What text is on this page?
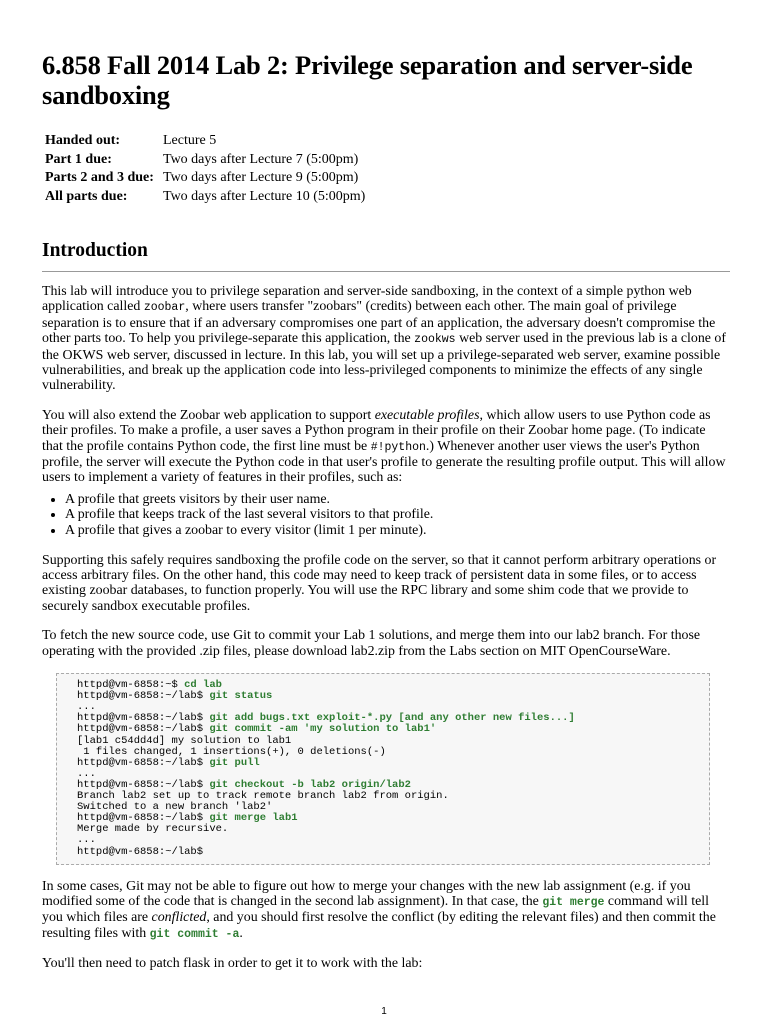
6.858 Fall 2014 Lab 2: Privilege separation and server-side sandboxing
Handed out:	Lecture 5
Part 1 due:	Two days after Lecture 7 (5:00pm)
Parts 2 and 3 due:	Two days after Lecture 9 (5:00pm)
All parts due:	Two days after Lecture 10 (5:00pm)
Introduction

This lab will introduce you to privilege separation and server-side sandboxing, in the context of a simple python web application called zoobar, where users transfer "zoobars" (credits) between each other. The main goal of privilege separation is to ensure that if an adversary compromises one part of an application, the adversary doesn't compromise the other parts too. To help you privilege-separate this application, the zookws web server used in the previous lab is a clone of the OKWS web server, discussed in lecture. In this lab, you will set up a privilege-separated web server, examine possible vulnerabilities, and break up the application code into less-privileged components to minimize the effects of any single vulnerability.

You will also extend the Zoobar web application to support executable profiles, which allow users to use Python code as their profiles. To make a profile, a user saves a Python program in their profile on their Zoobar home page. (To indicate that the profile contains Python code, the first line must be #!python.) Whenever another user views the user's Python profile, the server will execute the Python code in that user's profile to generate the resulting profile output. This will allow users to implement a variety of features in their profiles, such as:

• A profile that greets visitors by their user name.
• A profile that keeps track of the last several visitors to that profile.
• A profile that gives a zoobar to every visitor (limit 1 per minute).

Supporting this safely requires sandboxing the profile code on the server, so that it cannot perform arbitrary operations or access arbitrary files. On the other hand, this code may need to keep track of persistent data in some files, or to access existing zoobar databases, to function properly. You will use the RPC library and some shim code that we provide to securely sandbox executable profiles.

To fetch the new source code, use Git to commit your Lab 1 solutions, and merge them into our lab2 branch. For those operating with the provided .zip files, please download lab2.zip from the Labs section on MIT OpenCourseWare.

httpd@vm-6858:~$ cd lab
httpd@vm-6858:~/lab$ git status
...
httpd@vm-6858:~/lab$ git add bugs.txt exploit-*.py [and any other new files...]
httpd@vm-6858:~/lab$ git commit -am 'my solution to lab1'
[lab1 c54dd4d] my solution to lab1
1 files changed, 1 insertions(+), 0 deletions(-)
httpd@vm-6858:~/lab$ git pull
...
httpd@vm-6858:~/lab$ git checkout -b lab2 origin/lab2
Branch lab2 set up to track remote branch lab2 from origin.
Switched to a new branch 'lab2'
httpd@vm-6858:~/lab$ git merge lab1
Merge made by recursive.
...
httpd@vm-6858:~/lab$

In some cases, Git may not be able to figure out how to merge your changes with the new lab assignment (e.g. if you modified some of the code that is changed in the second lab assignment). In that case, the git merge command will tell you which files are conflicted, and you should first resolve the conflict (by editing the relevant files) and then commit the resulting files with git commit -a.

You'll then need to patch flask in order to get it to work with the lab:

1
